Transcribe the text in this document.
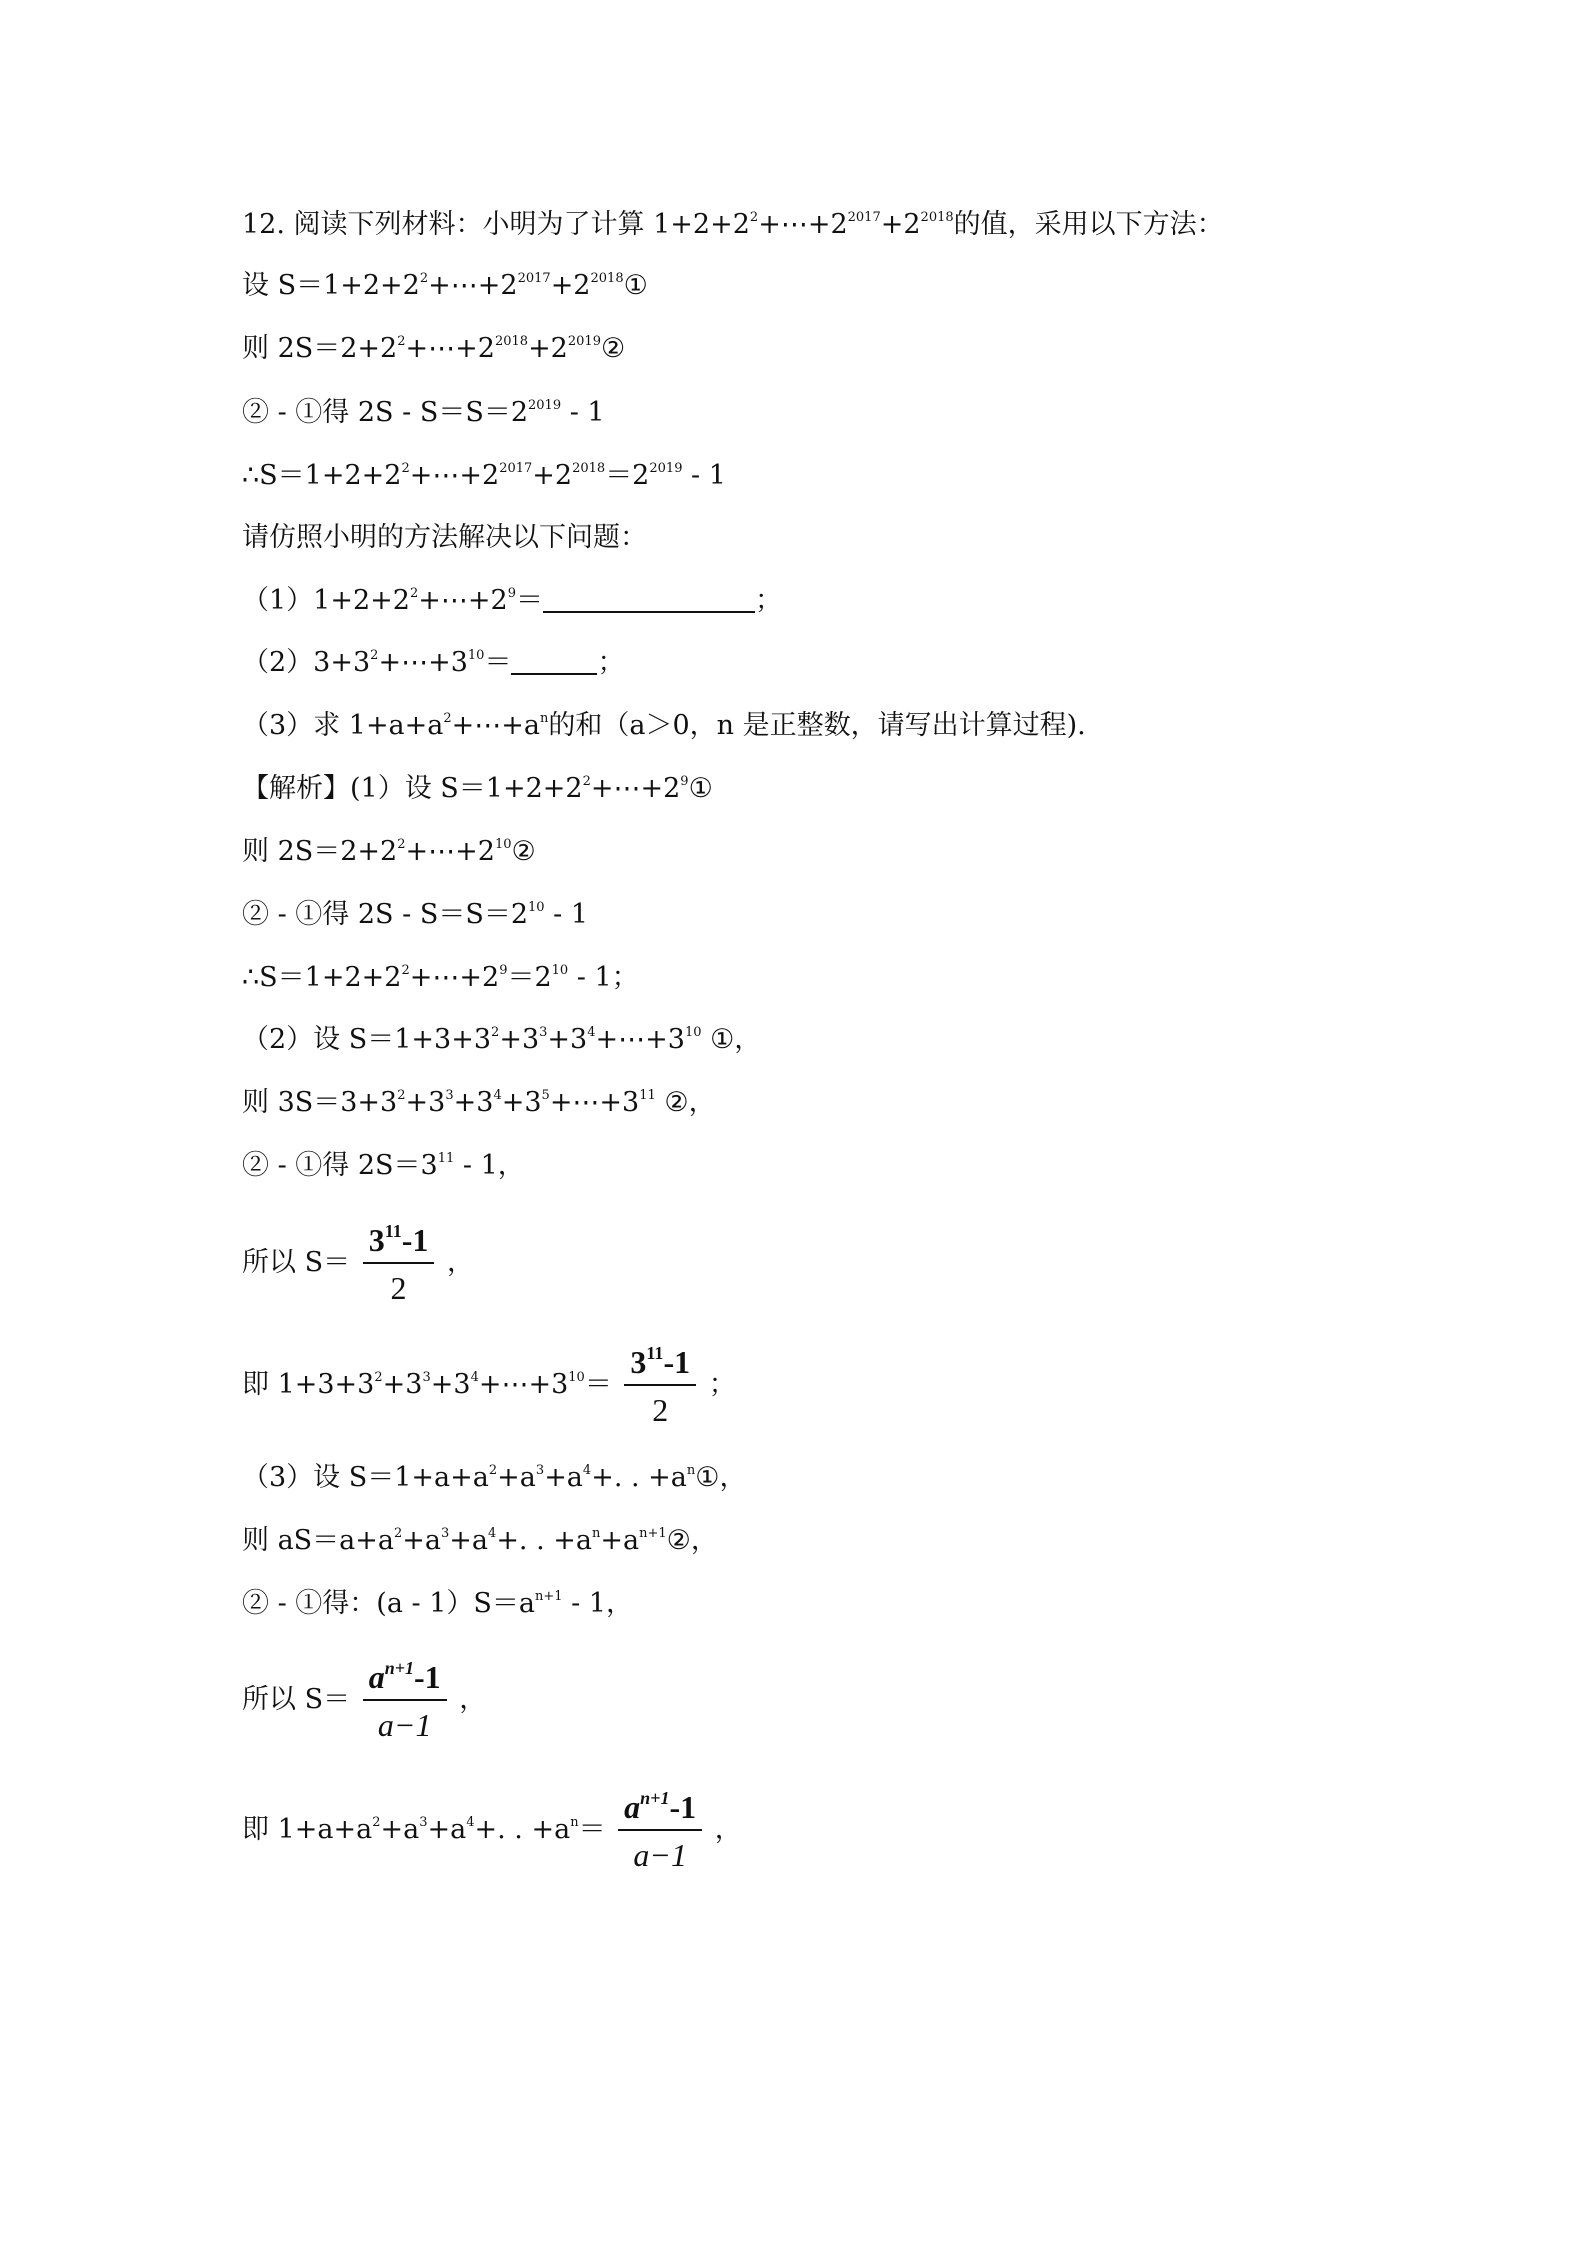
12. 阅读下列材料：小明为了计算 $1+2+2^2+\cdots+2^{2017}+2^{2018}$的值，采用以下方法：
设 $S=1+2+2^2+\cdots+2^{2017}+2^{2018}①$
则 $2S=2+2^2+\cdots+2^{2018}+2^{2019}②$
② - ①得 $2S - S=S=2^{2019} - 1$
$\therefore S=1+2+2^2+\cdots+2^{2017}+2^{2018}=2^{2019} - 1$
请仿照小明的方法解决以下问题：
$(1)1+2+2^2+\cdots+2^9=$	；
$(2)3+3^2+\cdots+3^{10}=$	；
（3）求 $1+a+a^2+\cdots+a^n$的和（a＞0，n 是正整数，请写出计算过程).
【解析】(1）设 $S=1+2+2^2+\cdots+2^9①$
则 $2S=2+2^2+\cdots+2^{10}②$
② - ①得 $2S - S=S=2^{10} - 1$
$\therefore S=1+2+2^2+\cdots+2^9=2^{10} - 1$；
（2）设 $S=1+3+3^2+3^3+3^4+\cdots+3^{10}$ ①，
则 $3S=3+3^2+3^3+3^4+3^5+\cdots+3^{11}$ ②，
② - ①得 $2S=3^{11} - 1$，
所以 $S= \frac{3^{11}-1}{2}$ ，
即 $1+3+3^2+3^3+3^4+\cdots+3^{10}= \frac{3^{11}-1}{2}$ ；
（3）设 $S=1+a+a^2+a^3+a^4+$. . $+a^n①$，
则 $aS=a+a^2+a^3+a^4+$. . $+a^n+a^{n+1}②$，
② - ①得：$(a - 1)S=a^{n+1} - 1$，
所以 $S= \frac{a^{n+1}-1}{a-1}$ ，
即 $1+a+a^2+a^3+a^4+$. . $+a^n= \frac{a^{n+1}-1}{a-1}$ ，
